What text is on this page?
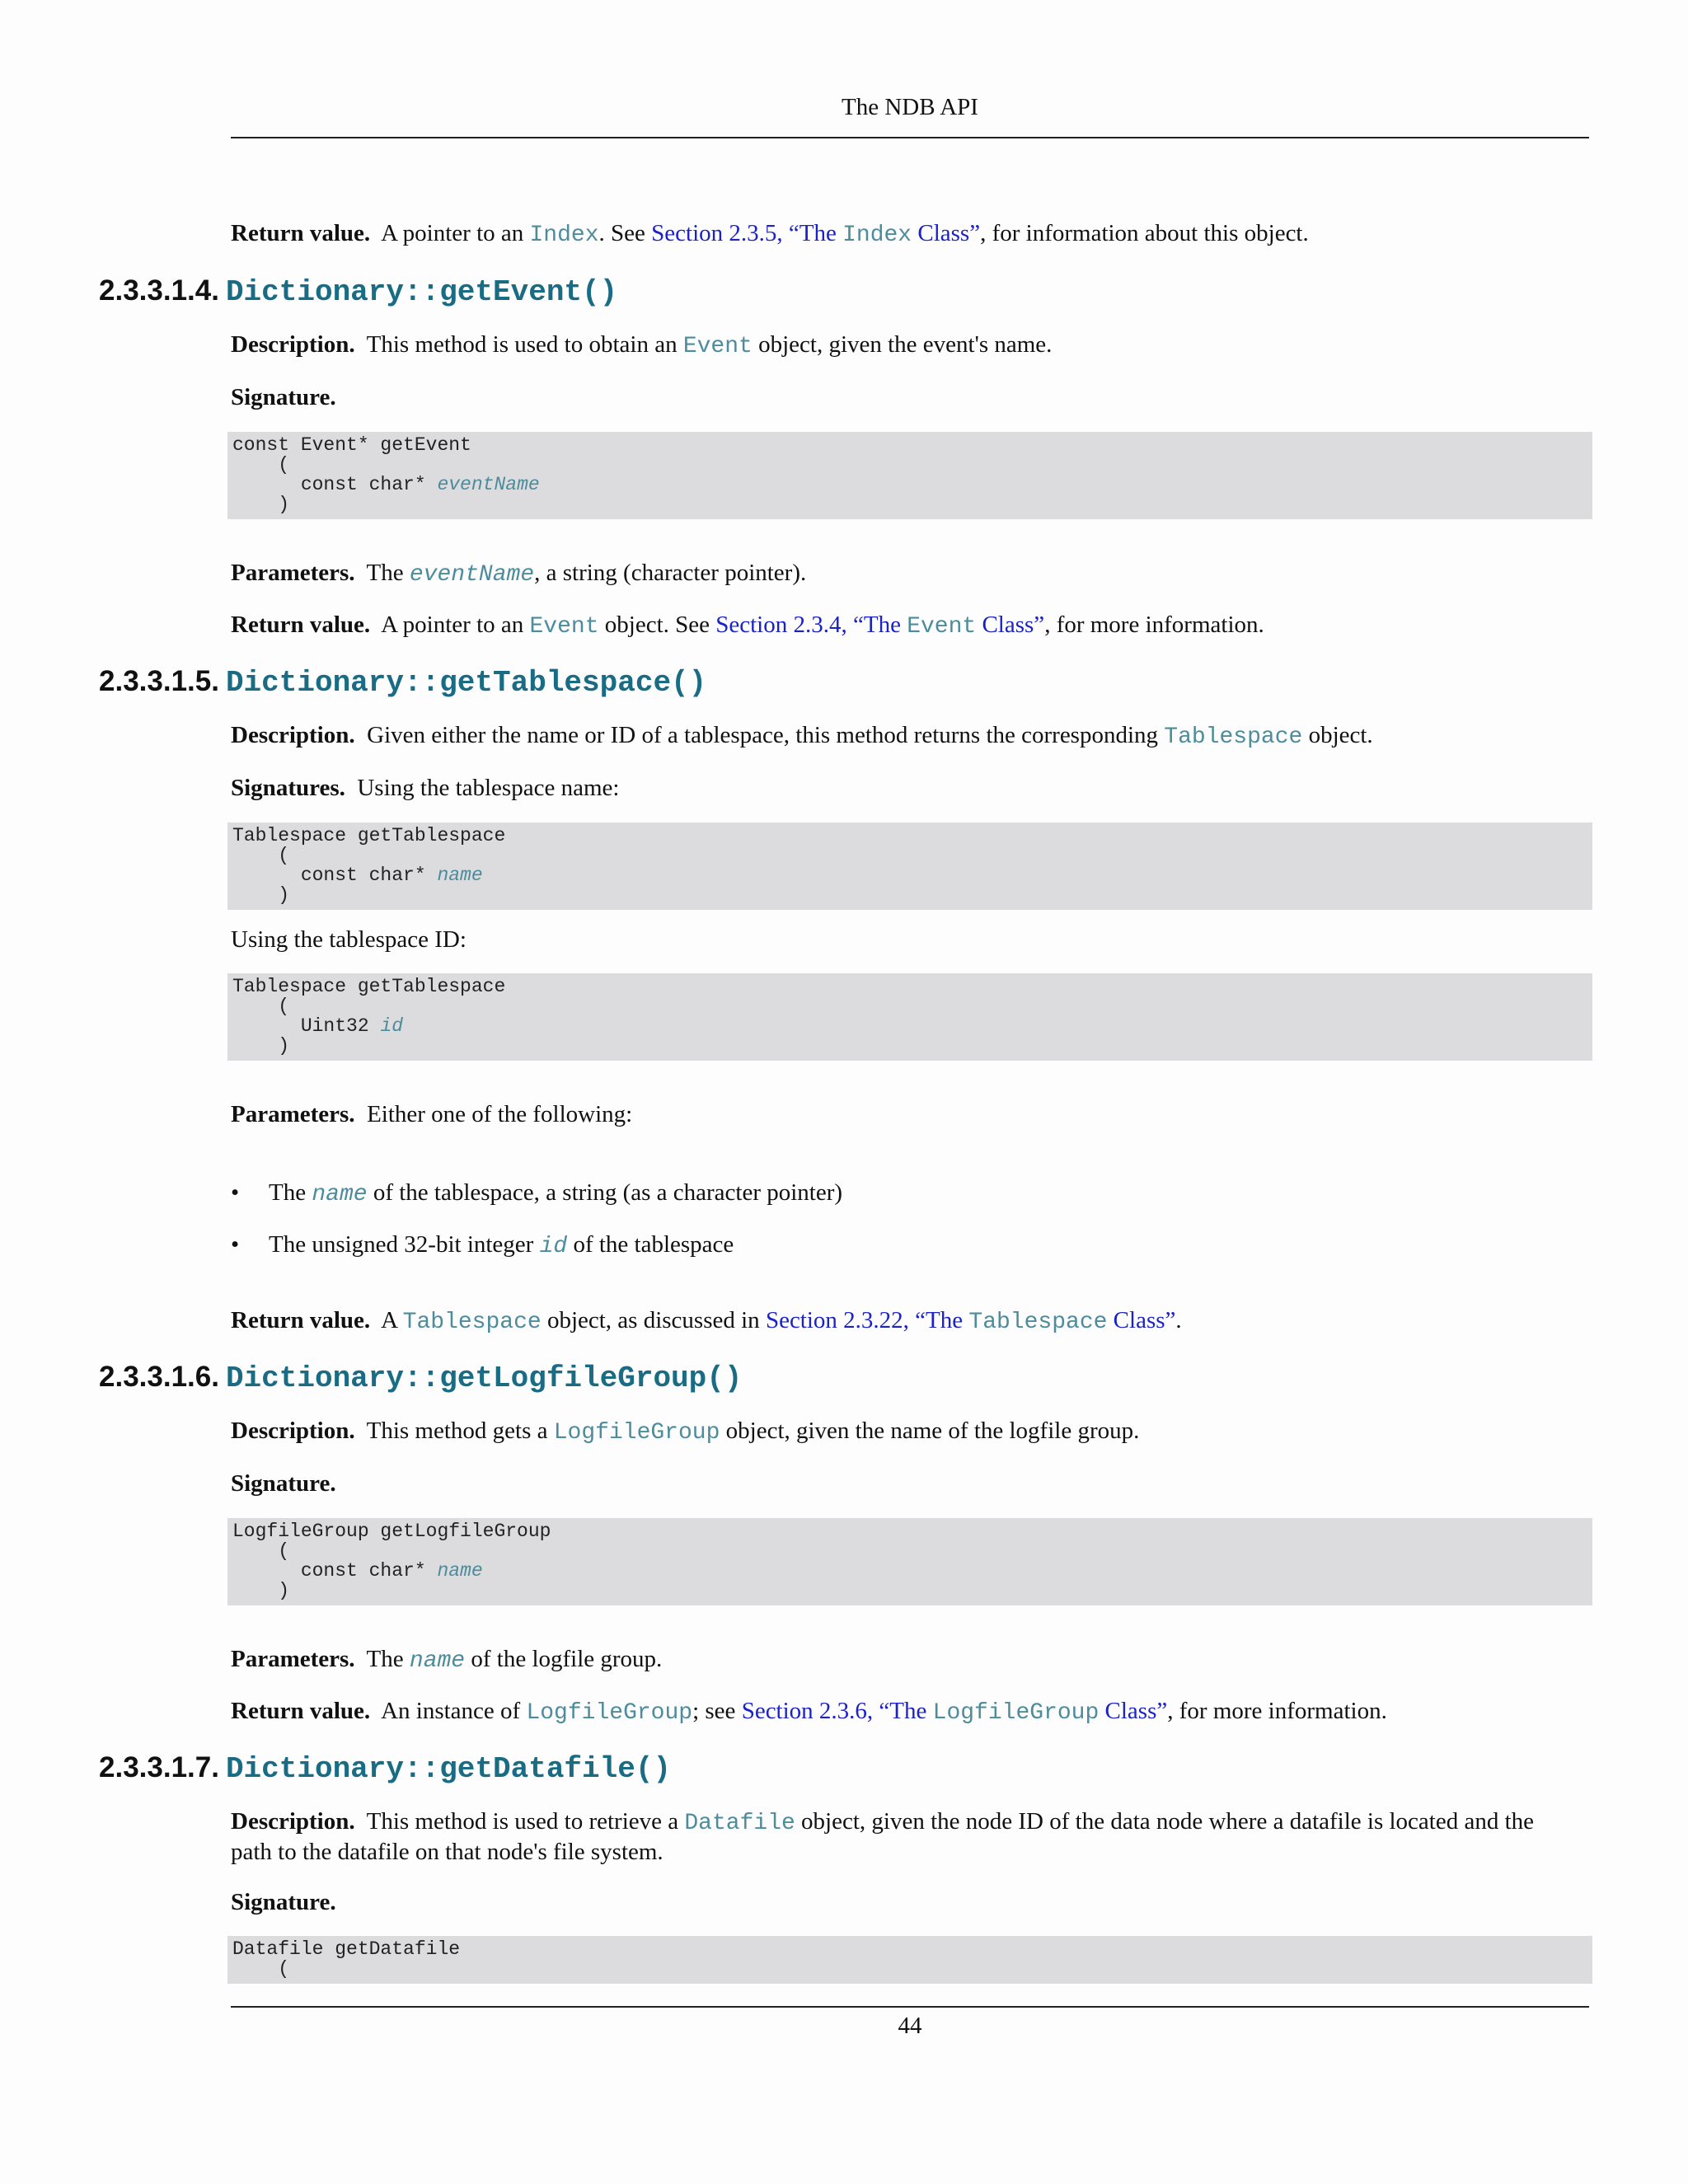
The NDB API
Return value. A pointer to an Index. See Section 2.3.5, “The Index Class”, for information about this object.
2.3.3.1.4. Dictionary::getEvent()
Description. This method is used to obtain an Event object, given the event's name.
Signature.
const Event* getEvent
(
const char* eventName
)
Parameters. The eventName, a string (character pointer).
Return value. A pointer to an Event object. See Section 2.3.4, “The Event Class”, for more information.
2.3.3.1.5. Dictionary::getTablespace()
Description. Given either the name or ID of a tablespace, this method returns the corresponding Tablespace object.
Signatures. Using the tablespace name:
Tablespace getTablespace
(
const char* name
)
Using the tablespace ID:
Tablespace getTablespace
(
Uint32 id
)
Parameters. Either one of the following:
• The name of the tablespace, a string (as a character pointer)
• The unsigned 32-bit integer id of the tablespace
Return value. A Tablespace object, as discussed in Section 2.3.22, “The Tablespace Class”.
2.3.3.1.6. Dictionary::getLogfileGroup()
Description. This method gets a LogfileGroup object, given the name of the logfile group.
Signature.
LogfileGroup getLogfileGroup
(
const char* name
)
Parameters. The name of the logfile group.
Return value. An instance of LogfileGroup; see Section 2.3.6, “The LogfileGroup Class”, for more information.
2.3.3.1.7. Dictionary::getDatafile()
Description. This method is used to retrieve a Datafile object, given the node ID of the data node where a datafile is located and the path to the datafile on that node's file system.
Signature.
Datafile getDatafile
(
44
